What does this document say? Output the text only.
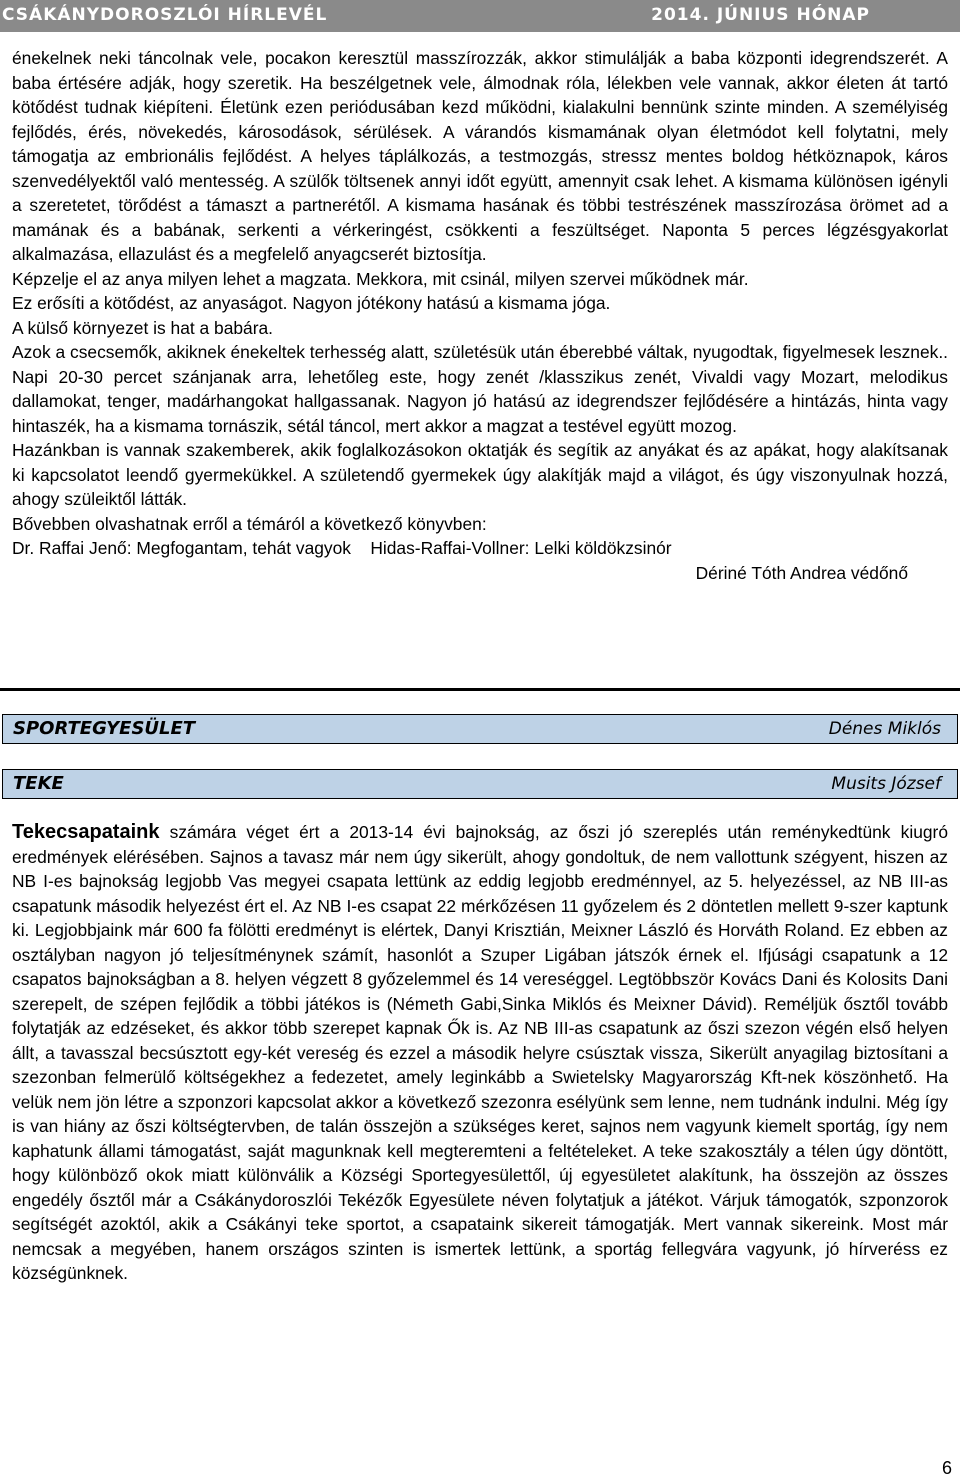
CSÁKÁNYDOROSZLÓI HÍRLEVÉL	2014. JÚNIUS HÓNAP

énekelnek neki táncolnak vele, pocakon keresztül masszírozzák, akkor stimulálják a baba központi idegrendszerét. A baba értésére adják, hogy szeretik. Ha beszélgetnek vele, álmodnak róla, lélekben vele vannak, akkor életen át tartó kötődést tudnak kiépíteni. Életünk ezen periódusában kezd működni, kialakulni bennünk szinte minden. A személyiség fejlődés, érés, növekedés, károsodások, sérülések. A várandós kismamának olyan életmódot kell folytatni, mely támogatja az embrionális fejlődést. A helyes táplálkozás, a testmozgás, stressz mentes boldog hétköznapok, káros szenvedélyektől való mentesség. A szülők töltsenek annyi időt együtt, amennyit csak lehet. A kismama különösen igényli a szeretetet, törődést a támaszt a partnerétől. A kismama hasának és többi testrészének masszírozása örömet ad a mamának és a babának, serkenti a vérkeringést, csökkenti a feszültséget. Naponta 5 perces légzésgyakorlat alkalmazása, ellazulást és a megfelelő anyagcserét biztosítja.

Képzelje el az anya milyen lehet a magzata. Mekkora, mit csinál, milyen szervei működnek már.

Ez erősíti a kötődést, az anyaságot. Nagyon jótékony hatású a kismama jóga.

A külső környezet is hat a babára.

Azok a csecsemők, akiknek énekeltek terhesség alatt, születésük után éberebbé váltak, nyugodtak, figyelmesek lesznek.. Napi 20-30 percet szánjanak arra, lehetőleg este, hogy zenét /klasszikus zenét, Vivaldi vagy Mozart, melodikus dallamokat, tenger, madárhangokat hallgassanak. Nagyon jó hatású az idegrendszer fejlődésére a hintázás, hinta vagy hintaszék, ha a kismama tornászik, sétál táncol, mert akkor a magzat a testével együtt mozog.

Hazánkban is vannak szakemberek, akik foglalkozásokon oktatják és segítik az anyákat és az apákat, hogy alakítsanak ki kapcsolatot leendő gyermekükkel. A születendő gyermekek úgy alakítják majd a világot, és úgy viszonyulnak hozzá, ahogy szüleiktől látták.

Bővebben olvashatnak erről a témáról a következő könyvben:

Dr. Raffai Jenő: Megfogantam, tehát vagyok Hidas-Raffai-Vollner: Lelki köldökzsinór

Dériné Tóth Andrea védőnő

SPORTEGYESÜLET	Dénes Miklós
TEKE	Musits József

Tekecsapataink számára véget ért a 2013-14 évi bajnokság, az őszi jó szereplés után reménykedtünk kiugró eredmények elérésében. Sajnos a tavasz már nem úgy sikerült, ahogy gondoltuk, de nem vallottunk szégyent, hiszen az NB I-es bajnokság legjobb Vas megyei csapata lettünk az eddig legjobb eredménnyel, az 5. helyezéssel, az NB III-as csapatunk második helyezést ért el. Az NB I-es csapat 22 mérkőzésen 11 győzelem és 2 döntetlen mellett 9-szer kaptunk ki. Legjobbjaink már 600 fa fölötti eredményt is elértek, Danyi Krisztián, Meixner László és Horváth Roland. Ez ebben az osztályban nagyon jó teljesítménynek számít, hasonlót a Szuper Ligában játszók érnek el. Ifjúsági csapatunk a 12 csapatos bajnokságban a 8. helyen végzett 8 győzelemmel és 14 vereséggel. Legtöbbször Kovács Dani és Kolosits Dani szerepelt, de szépen fejlődik a többi játékos is (Németh Gabi,Sinka Miklós és Meixner Dávid). Reméljük ősztől tovább folytatják az edzéseket, és akkor több szerepet kapnak Ők is. Az NB III-as csapatunk az őszi szezon végén első helyen állt, a tavasszal becsúsztott egy-két vereség és ezzel a második helyre csúsztak vissza, Sikerült anyagilag biztosítani a szezonban felmerülő költségekhez a fedezetet, amely leginkább a Swietelsky Magyarország Kft-nek köszönhető. Ha velük nem jön létre a szponzori kapcsolat akkor a következő szezonra esélyünk sem lenne, nem tudnánk indulni. Még így is van hiány az őszi költségtervben, de talán összejön a szükséges keret, sajnos nem vagyunk kiemelt sportág, így nem kaphatunk állami támogatást, saját magunknak kell megteremteni a feltételeket. A teke szakosztály a télen úgy döntött, hogy különböző okok miatt különválik a Községi Sportegyesülettől, új egyesületet alakítunk, ha összejön az összes engedély ősztől már a Csákánydoroszlói Tekézők Egyesülete néven folytatjuk a játékot. Várjuk támogatók, szponzorok segítségét azoktól, akik a Csákányi teke sportot, a csapataink sikereit támogatják. Mert vannak sikereink. Most már nemcsak a megyében, hanem országos szinten is ismertek lettünk, a sportág fellegvára vagyunk, jó hírveréss ez községünknek.

6
